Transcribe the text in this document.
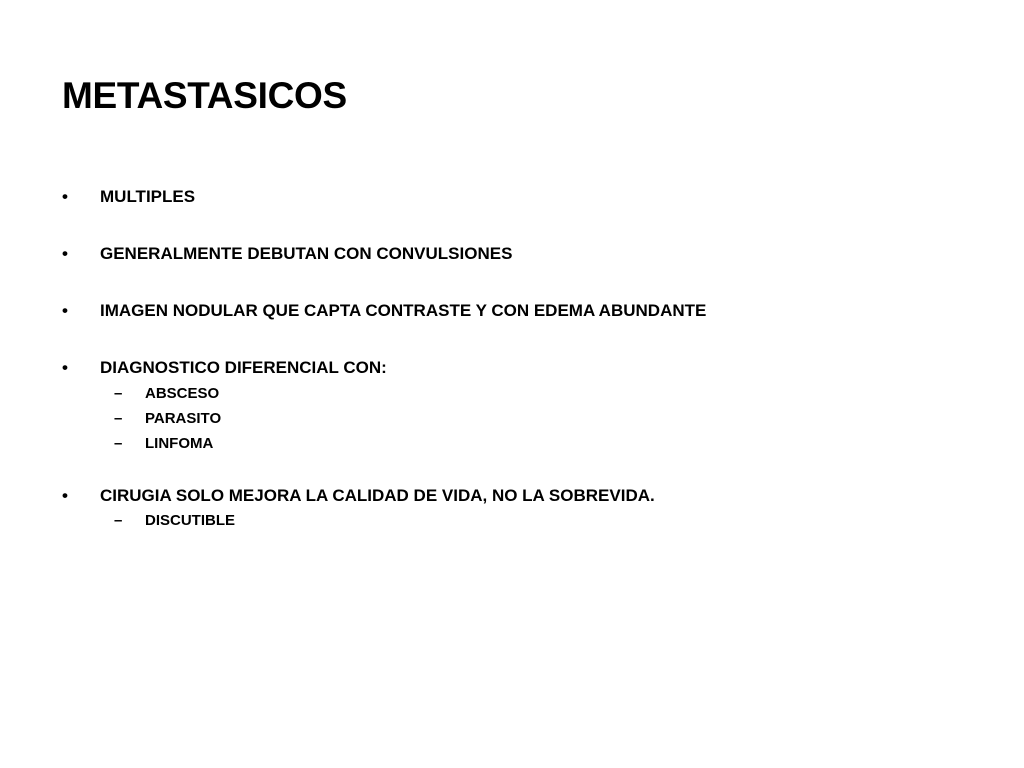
METASTASICOS
• MULTIPLES
• GENERALMENTE DEBUTAN CON CONVULSIONES
• IMAGEN NODULAR QUE CAPTA CONTRASTE Y CON EDEMA ABUNDANTE
• DIAGNOSTICO DIFERENCIAL CON:
– ABSCESO
– PARASITO
– LINFOMA
• CIRUGIA SOLO MEJORA LA CALIDAD DE VIDA, NO LA SOBREVIDA.
– DISCUTIBLE
